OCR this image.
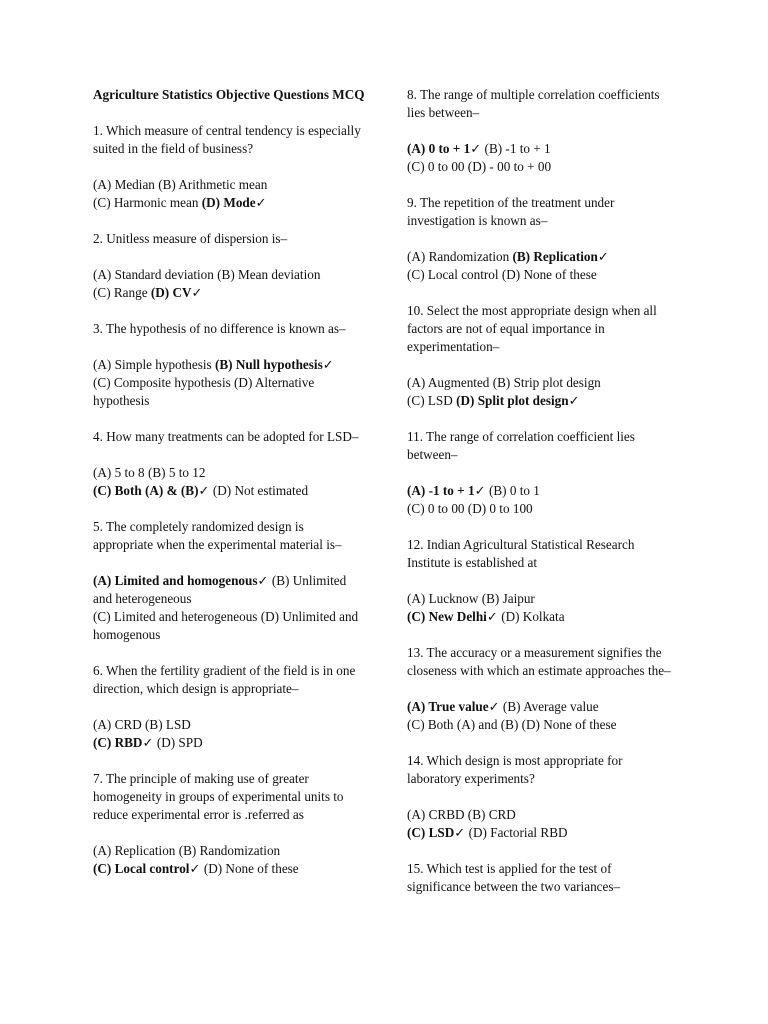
Agriculture Statistics Objective Questions MCQ
1. Which measure of central tendency is especially suited in the field of business?
(A) Median (B) Arithmetic mean
(C) Harmonic mean (D) Mode✓
2. Unitless measure of dispersion is–
(A) Standard deviation (B) Mean deviation
(C) Range (D) CV✓
3. The hypothesis of no difference is known as–
(A) Simple hypothesis (B) Null hypothesis✓
(C) Composite hypothesis (D) Alternative hypothesis
4. How many treatments can be adopted for LSD–
(A) 5 to 8 (B) 5 to 12
(C) Both (A) & (B)✓ (D) Not estimated
5. The completely randomized design is appropriate when the experimental material is–
(A) Limited and homogenous✓ (B) Unlimited and heterogeneous
(C) Limited and heterogeneous (D) Unlimited and homogenous
6. When the fertility gradient of the field is in one direction, which design is appropriate–
(A) CRD (B) LSD
(C) RBD✓ (D) SPD
7. The principle of making use of greater homogeneity in groups of experimental units to reduce experimental error is .referred as
(A) Replication (B) Randomization
(C) Local control✓ (D) None of these
8. The range of multiple correlation coefficients lies between–
(A) 0 to + 1✓ (B) -1 to + 1
(C) 0 to 00 (D) - 00 to + 00
9. The repetition of the treatment under investigation is known as–
(A) Randomization (B) Replication✓
(C) Local control (D) None of these
10. Select the most appropriate design when all factors are not of equal importance in experimentation–
(A) Augmented (B) Strip plot design
(C) LSD (D) Split plot design✓
11. The range of correlation coefficient lies between–
(A) -1 to + 1✓ (B) 0 to 1
(C) 0 to 00 (D) 0 to 100
12. Indian Agricultural Statistical Research Institute is established at
(A) Lucknow (B) Jaipur
(C) New Delhi✓ (D) Kolkata
13. The accuracy or a measurement signifies the closeness with which an estimate approaches the–
(A) True value✓ (B) Average value
(C) Both (A) and (B) (D) None of these
14. Which design is most appropriate for laboratory experiments?
(A) CRBD (B) CRD
(C) LSD✓ (D) Factorial RBD
15. Which test is applied for the test of significance between the two variances–
